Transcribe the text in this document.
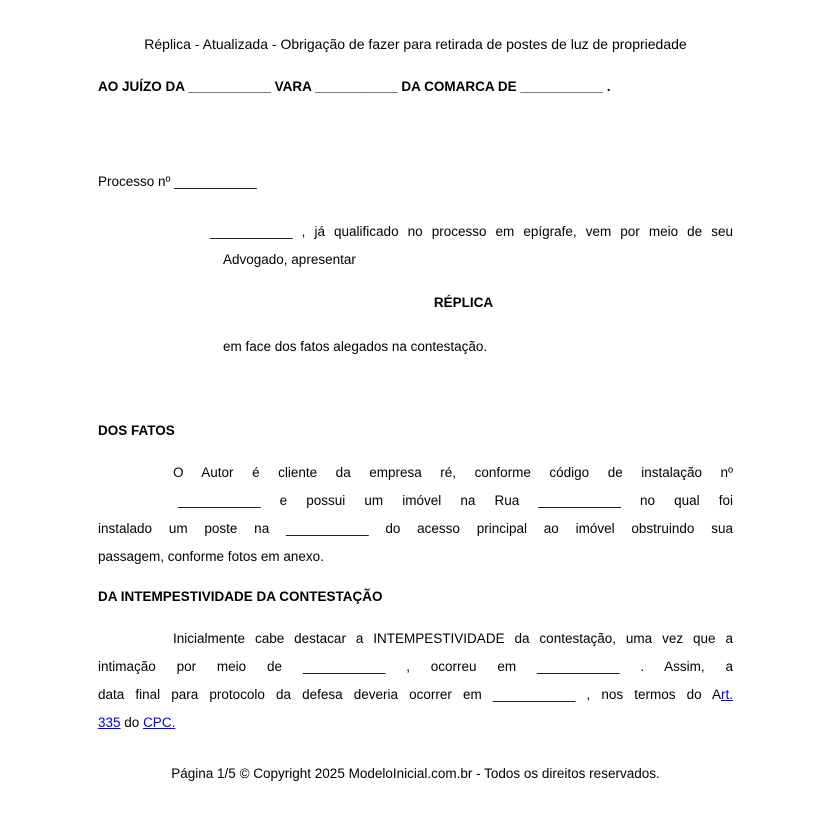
Réplica - Atualizada - Obrigação de fazer para retirada de postes de luz de propriedade
AO JUÍZO DA ___________ VARA ___________ DA COMARCA DE ___________ .
Processo nº ___________
___________ , já qualificado no processo em epígrafe, vem por meio de seu
Advogado, apresentar
RÉPLICA
em face dos fatos alegados na contestação.
DOS FATOS
O Autor é cliente da empresa ré, conforme código de instalação nº
___________ e possui um imóvel na Rua ___________ no qual foi
instalado um poste na ___________ do acesso principal ao imóvel obstruindo sua
passagem, conforme fotos em anexo.
DA INTEMPESTIVIDADE DA CONTESTAÇÃO
Inicialmente cabe destacar a INTEMPESTIVIDADE da contestação, uma vez que a
intimação por meio de ___________ , ocorreu em ___________ . Assim, a
data final para protocolo da defesa deveria ocorrer em ___________ , nos termos do Art.
335 do CPC.
Página 1/5 © Copyright 2025 ModeloInicial.com.br - Todos os direitos reservados.
